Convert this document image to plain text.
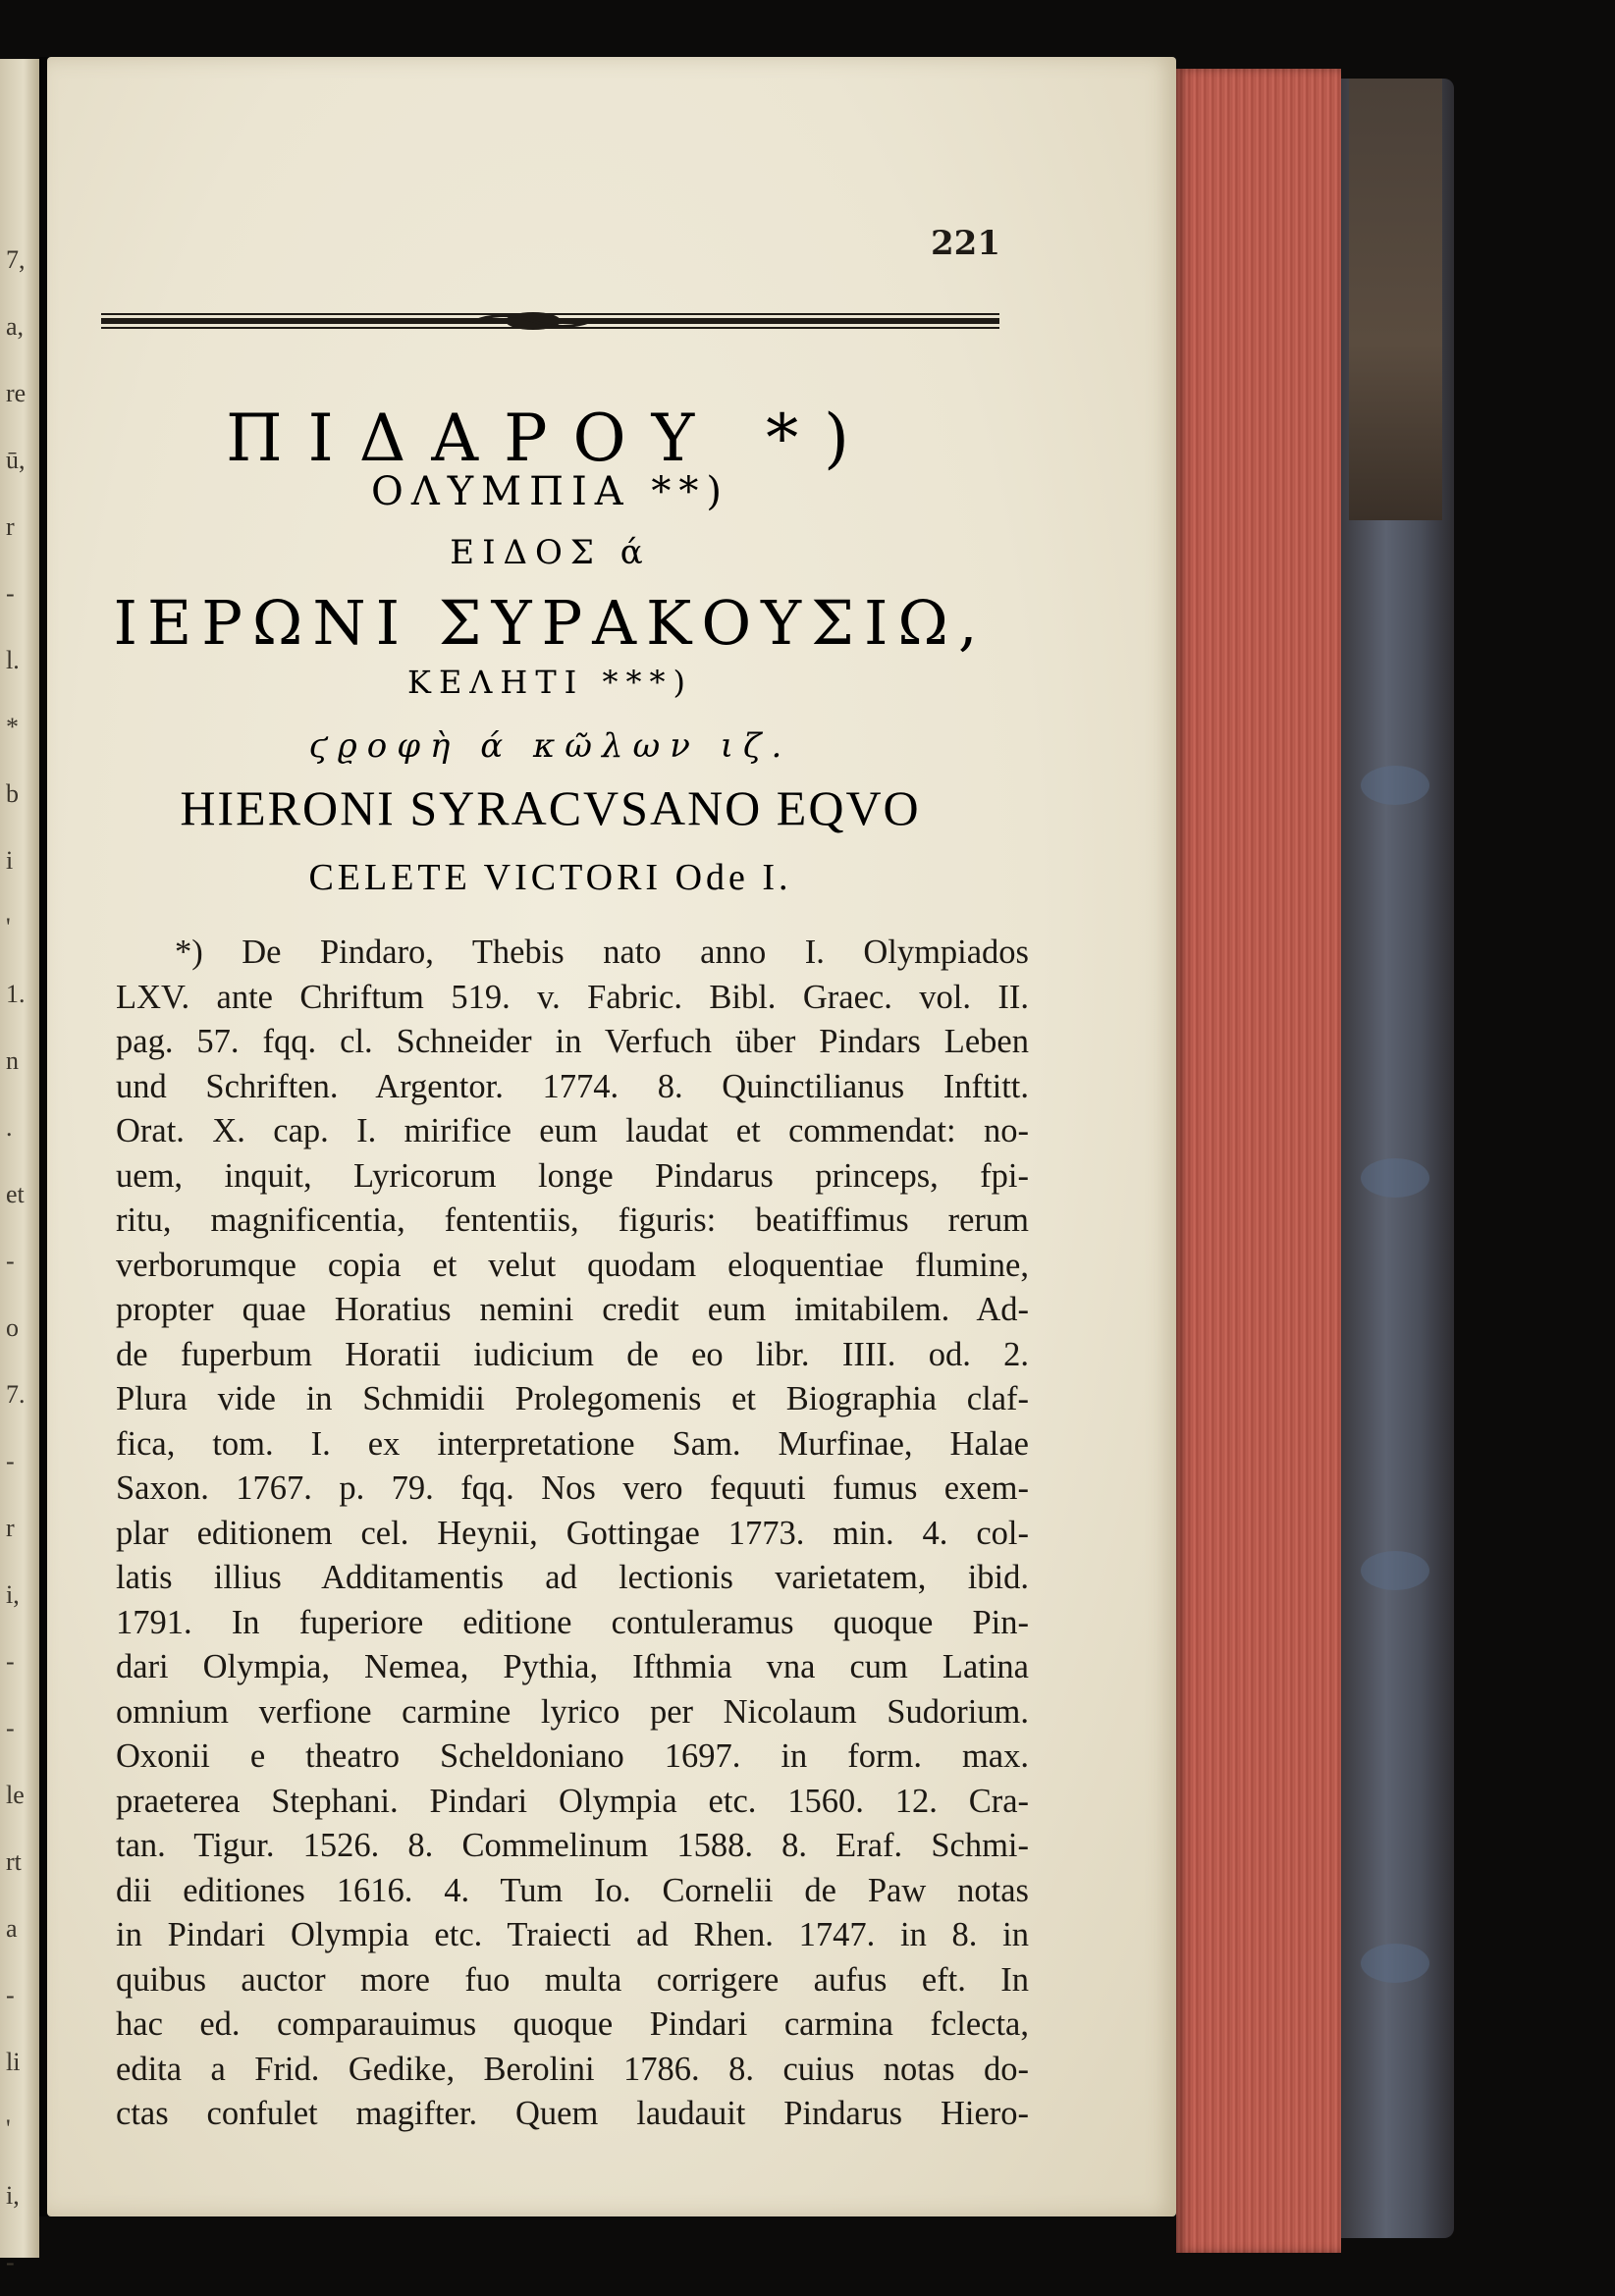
7,
a,
re
ū,
r
-
l.
*
b
i
'
1.
n
.
et
-
o
7.
-
r
i,
-
-
le
rt
a
-
li
'
i,
-
221
ΠΙΔΑΡΟΥ *)
ΟΛΥΜΠΙΑ **)
ΕΙΔΟΣ ά
ΙΕΡΩΝΙ ΣΥΡΑΚΟΥΣΙΩ,
ΚΕΛΗΤΙ ***)
ϛϱοφὴ ά κῶλων ιζ.
HIERONI SYRACVSANO EQVO
CELETE VICTORI Ode I.
*) De Pindaro, Thebis nato anno I. Olympiados
LXV. ante Chriftum 519. v. Fabric. Bibl. Graec. vol. II.
pag. 57. fqq. cl. Schneider in Verfuch über Pindars Leben
und Schriften. Argentor. 1774. 8. Quinctilianus Inftitt.
Orat. X. cap. I. mirifice eum laudat et commendat: no-
uem, inquit, Lyricorum longe Pindarus princeps, fpi-
ritu, magnificentia, fententiis, figuris: beatiffimus rerum
verborumque copia et velut quodam eloquentiae flumine,
propter quae Horatius nemini credit eum imitabilem. Ad-
de fuperbum Horatii iudicium de eo libr. IIII. od. 2.
Plura vide in Schmidii Prolegomenis et Biographia claf-
fica, tom. I. ex interpretatione Sam. Murfinae, Halae
Saxon. 1767. p. 79. fqq. Nos vero fequuti fumus exem-
plar editionem cel. Heynii, Gottingae 1773. min. 4. col-
latis illius Additamentis ad lectionis varietatem, ibid.
1791. In fuperiore editione contuleramus quoque Pin-
dari Olympia, Nemea, Pythia, Ifthmia vna cum Latina
omnium verfione carmine lyrico per Nicolaum Sudorium.
Oxonii e theatro Scheldoniano 1697. in form. max.
praeterea Stephani. Pindari Olympia etc. 1560. 12. Cra-
tan. Tigur. 1526. 8. Commelinum 1588. 8. Eraf. Schmi-
dii editiones 1616. 4. Tum Io. Cornelii de Paw notas
in Pindari Olympia etc. Traiecti ad Rhen. 1747. in 8. in
quibus auctor more fuo multa corrigere aufus eft. In
hac ed. comparauimus quoque Pindari carmina fclecta,
edita a Frid. Gedike, Berolini 1786. 8. cuius notas do-
ctas confulet magifter. Quem laudauit Pindarus Hiero-
